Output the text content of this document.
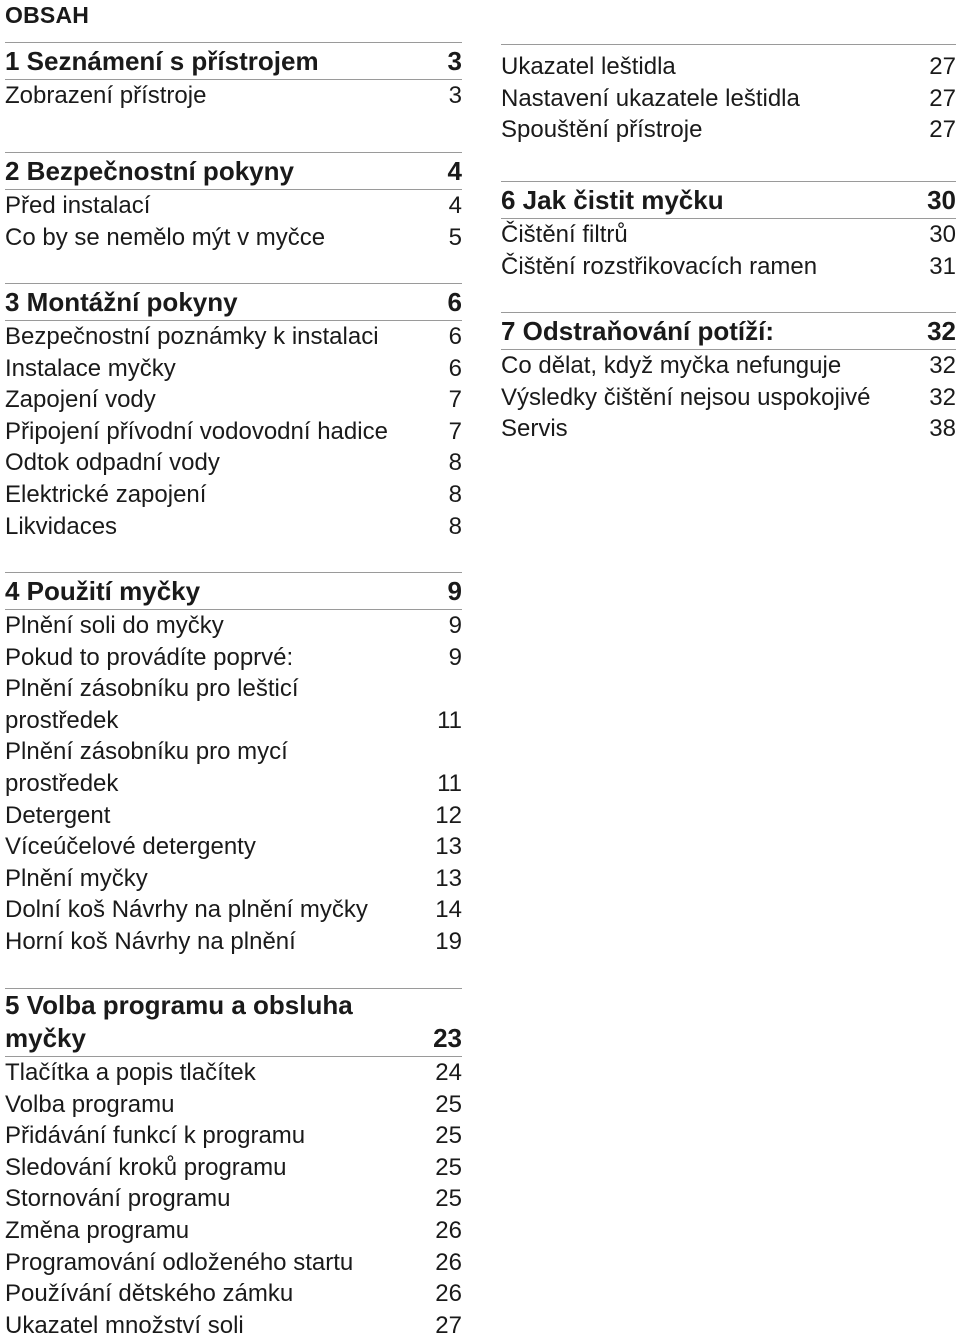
OBSAH
1 Seznámení s přístrojem	3
Zobrazení přístroje	3
2 Bezpečnostní pokyny	4
Před instalací	4
Co by se nemělo mýt v myčce	5
3 Montážní pokyny	6
Bezpečnostní poznámky k instalaci	6
Instalace myčky	6
Zapojení vody	7
Připojení přívodní vodovodní hadice	7
Odtok odpadní vody	8
Elektrické zapojení	8
Likvidaces	8
4 Použití myčky	9
Plnění soli do myčky	9
Pokud to provádíte poprvé:	9
Plnění zásobníku pro lešticí
prostředek	11
Plnění zásobníku pro mycí
prostředek	11
Detergent	12
Víceúčelové detergenty	13
Plnění myčky	13
Dolní koš Návrhy na plnění myčky	14
Horní koš Návrhy na plnění	19
5 Volba programu a obsluha
myčky	23
Tlačítka a popis tlačítek	24
Volba programu	25
Přidávání funkcí k programu	25
Sledování kroků programu	25
Stornování programu	25
Změna programu	26
Programování odloženého startu	26
Používání dětského zámku	26
Ukazatel množství soli	27
Ukazatel leštidla	27
Nastavení ukazatele leštidla	27
Spouštění přístroje	27
6 Jak čistit myčku	30
Čištění filtrů	30
Čištění rozstřikovacích ramen	31
7 Odstraňování potíží:	32
Co dělat, když myčka nefunguje	32
Výsledky čištění nejsou uspokojivé 32
Servis	38
